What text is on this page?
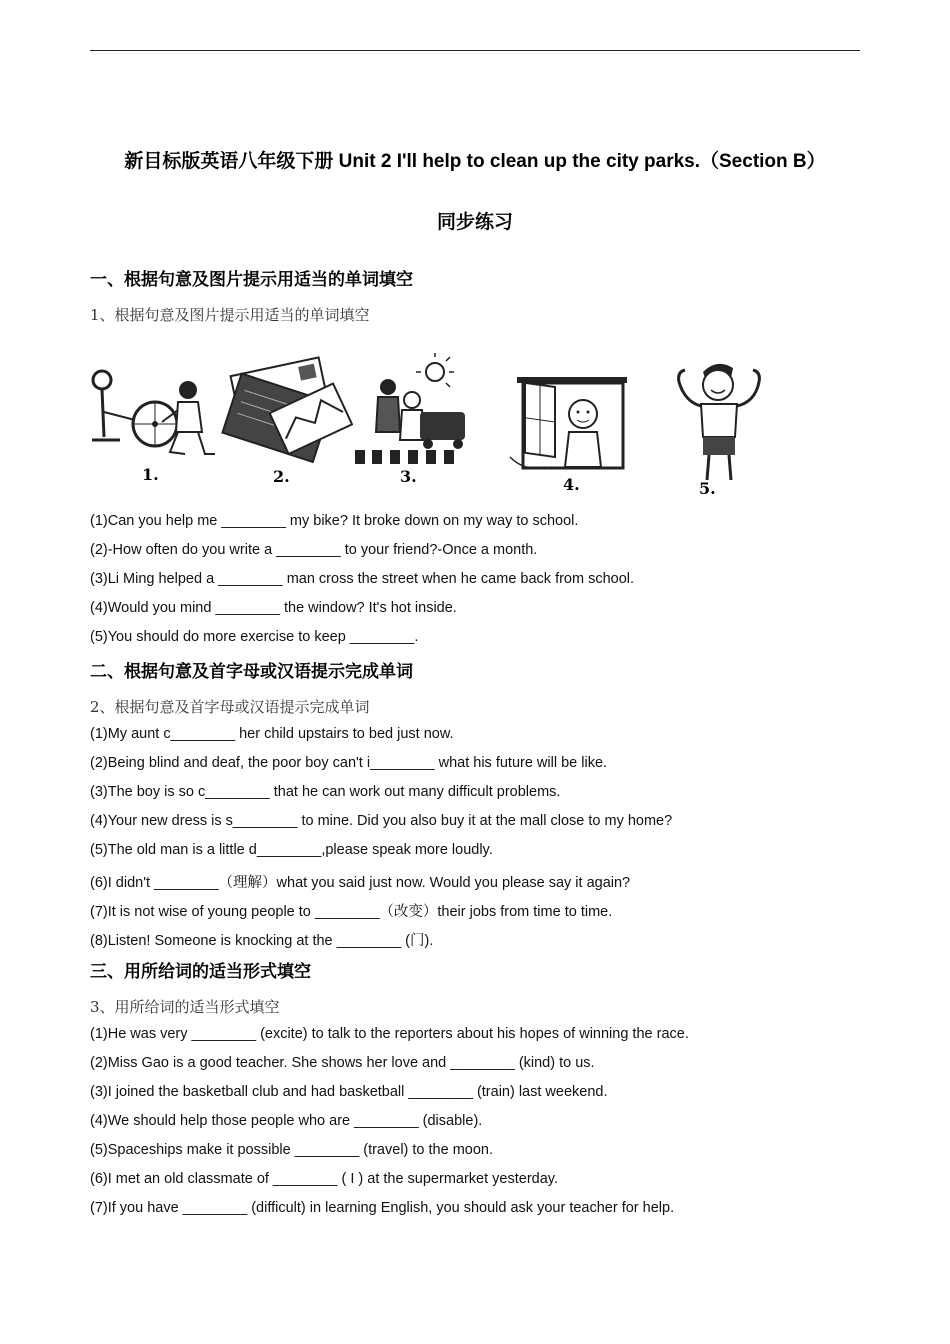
新目标版英语八年级下册 Unit 2 I'll help to clean up the city parks.（Section B）
同步练习
一、根据句意及图片提示用适当的单词填空
1、根据句意及图片提示用适当的单词填空
1.	2.	3.	4.	5.
(1)Can you help me ________ my bike? It broke down on my way to school.
(2)-How often do you write a ________ to your friend?-Once a month.
(3)Li Ming helped a ________ man cross the street when he came back from school.
(4)Would you mind ________ the window? It's hot inside.
(5)You should do more exercise to keep ________.
二、根据句意及首字母或汉语提示完成单词
2、根据句意及首字母或汉语提示完成单词
(1)My aunt c________ her child upstairs to bed just now.
(2)Being blind and deaf, the poor boy can't i________ what his future will be like.
(3)The boy is so c________ that he can work out many difficult problems.
(4)Your new dress is s________ to mine. Did you also buy it at the mall close to my home?
(5)The old man is a little d________,please speak more loudly.
(6)I didn't ________（理解）what you said just now. Would you please say it again?
(7)It is not wise of young people to ________（改变）their jobs from time to time.
(8)Listen! Someone is knocking at the ________ (门).
三、用所给词的适当形式填空
3、用所给词的适当形式填空
(1)He was very ________ (excite) to talk to the reporters about his hopes of winning the race.
(2)Miss Gao is a good teacher. She shows her love and ________ (kind) to us.
(3)I joined the basketball club and had basketball ________ (train) last weekend.
(4)We should help those people who are ________ (disable).
(5)Spaceships make it possible ________ (travel) to the moon.
(6)I met an old classmate of ________ ( I ) at the supermarket yesterday.
(7)If you have ________ (difficult) in learning English, you should ask your teacher for help.
